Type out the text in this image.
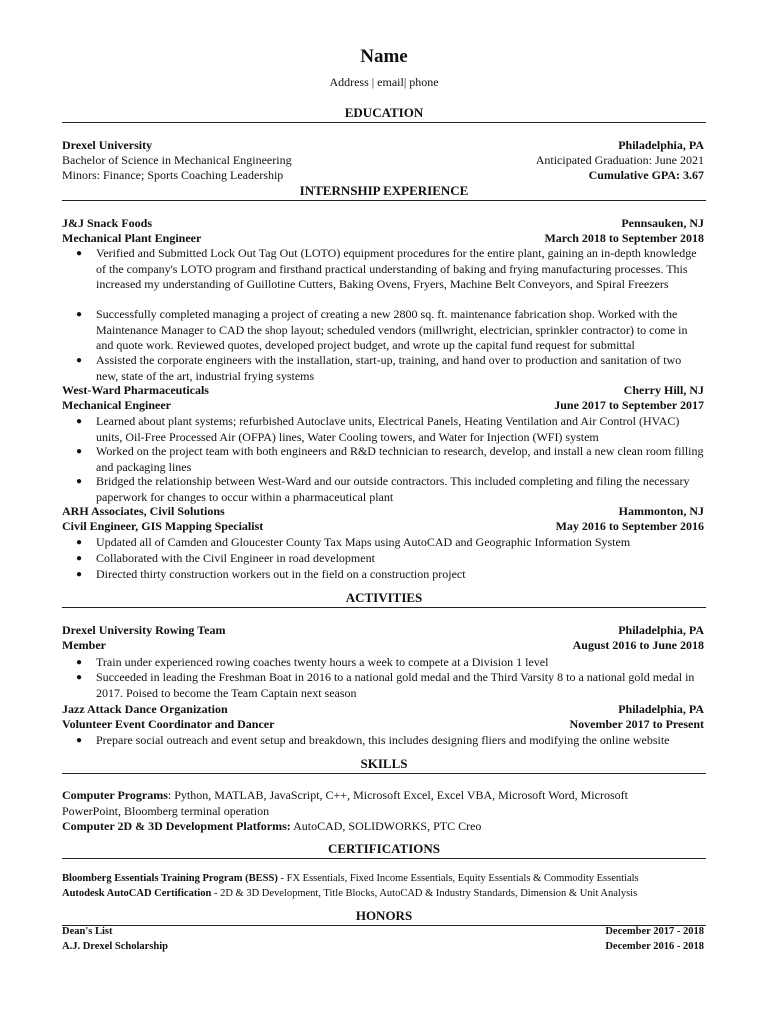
Name
Address | email| phone
EDUCATION
Drexel University	Philadelphia, PA
Bachelor of Science in Mechanical Engineering	Anticipated Graduation: June 2021
Minors: Finance; Sports Coaching Leadership	Cumulative GPA: 3.67
INTERNSHIP EXPERIENCE
J&J Snack Foods	Pennsauken, NJ
Mechanical Plant Engineer	March 2018 to September 2018
● Verified and Submitted Lock Out Tag Out (LOTO) equipment procedures for the entire plant, gaining an in-depth knowledge of the company's LOTO program and firsthand practical understanding of baking and frying manufacturing processes. This increased my understanding of Guillotine Cutters, Baking Ovens, Fryers, Machine Belt Conveyors, and Spiral Freezers
● Successfully completed managing a project of creating a new 2800 sq. ft. maintenance fabrication shop. Worked with the Maintenance Manager to CAD the shop layout; scheduled vendors (millwright, electrician, sprinkler contractor) to come in and quote work. Reviewed quotes, developed project budget, and wrote up the capital fund request for submittal
● Assisted the corporate engineers with the installation, start-up, training, and hand over to production and sanitation of two new, state of the art, industrial frying systems
West-Ward Pharmaceuticals	Cherry Hill, NJ
Mechanical Engineer	June 2017 to September 2017
● Learned about plant systems; refurbished Autoclave units, Electrical Panels, Heating Ventilation and Air Control (HVAC) units, Oil-Free Processed Air (OFPA) lines, Water Cooling towers, and Water for Injection (WFI) system
● Worked on the project team with both engineers and R&D technician to research, develop, and install a new clean room filling and packaging lines
● Bridged the relationship between West-Ward and our outside contractors. This included completing and filing the necessary paperwork for changes to occur within a pharmaceutical plant
ARH Associates, Civil Solutions	Hammonton, NJ
Civil Engineer, GIS Mapping Specialist	May 2016 to September 2016
● Updated all of Camden and Gloucester County Tax Maps using AutoCAD and Geographic Information System
● Collaborated with the Civil Engineer in road development
● Directed thirty construction workers out in the field on a construction project
ACTIVITIES
Drexel University Rowing Team	Philadelphia, PA
Member	August 2016 to June 2018
● Train under experienced rowing coaches twenty hours a week to compete at a Division 1 level
● Succeeded in leading the Freshman Boat in 2016 to a national gold medal and the Third Varsity 8 to a national gold medal in 2017. Poised to become the Team Captain next season
Jazz Attack Dance Organization	Philadelphia, PA
Volunteer Event Coordinator and Dancer	November 2017 to Present
● Prepare social outreach and event setup and breakdown, this includes designing fliers and modifying the online website
SKILLS
Computer Programs: Python, MATLAB, JavaScript, C++, Microsoft Excel, Excel VBA, Microsoft Word, Microsoft PowerPoint, Bloomberg terminal operation
Computer 2D & 3D Development Platforms: AutoCAD, SOLIDWORKS, PTC Creo
CERTIFICATIONS
Bloomberg Essentials Training Program (BESS) - FX Essentials, Fixed Income Essentials, Equity Essentials & Commodity Essentials
Autodesk AutoCAD Certification - 2D & 3D Development, Title Blocks, AutoCAD & Industry Standards, Dimension & Unit Analysis
HONORS
Dean's List	December 2017 - 2018
A.J. Drexel Scholarship	December 2016 - 2018
